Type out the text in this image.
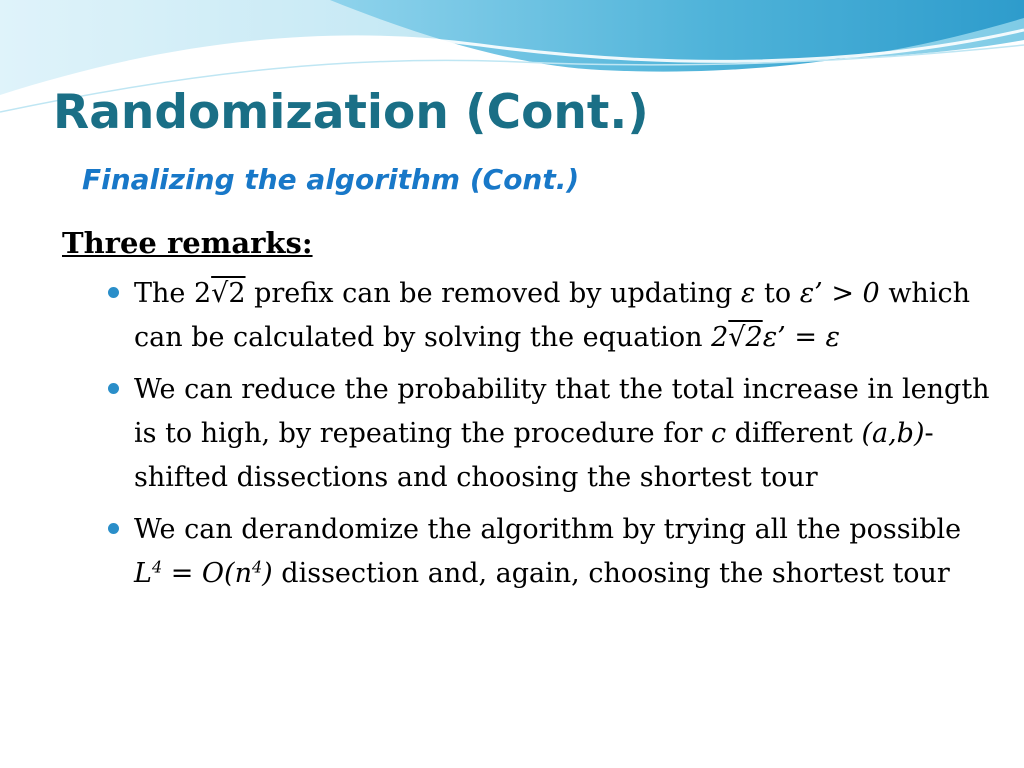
Randomization (Cont.)
Finalizing the algorithm (Cont.)
Three remarks:
The 2√2 prefix can be removed by updating ε to ε’ > 0 which can be calculated by solving the equation 2√2ε’ = ε
We can reduce the probability that the total increase in length is to high, by repeating the procedure for c different (a,b)-shifted dissections and choosing the shortest tour
We can derandomize the algorithm by trying all the possible $L^4 = O(n^4)$ dissection and, again, choosing the shortest tour
